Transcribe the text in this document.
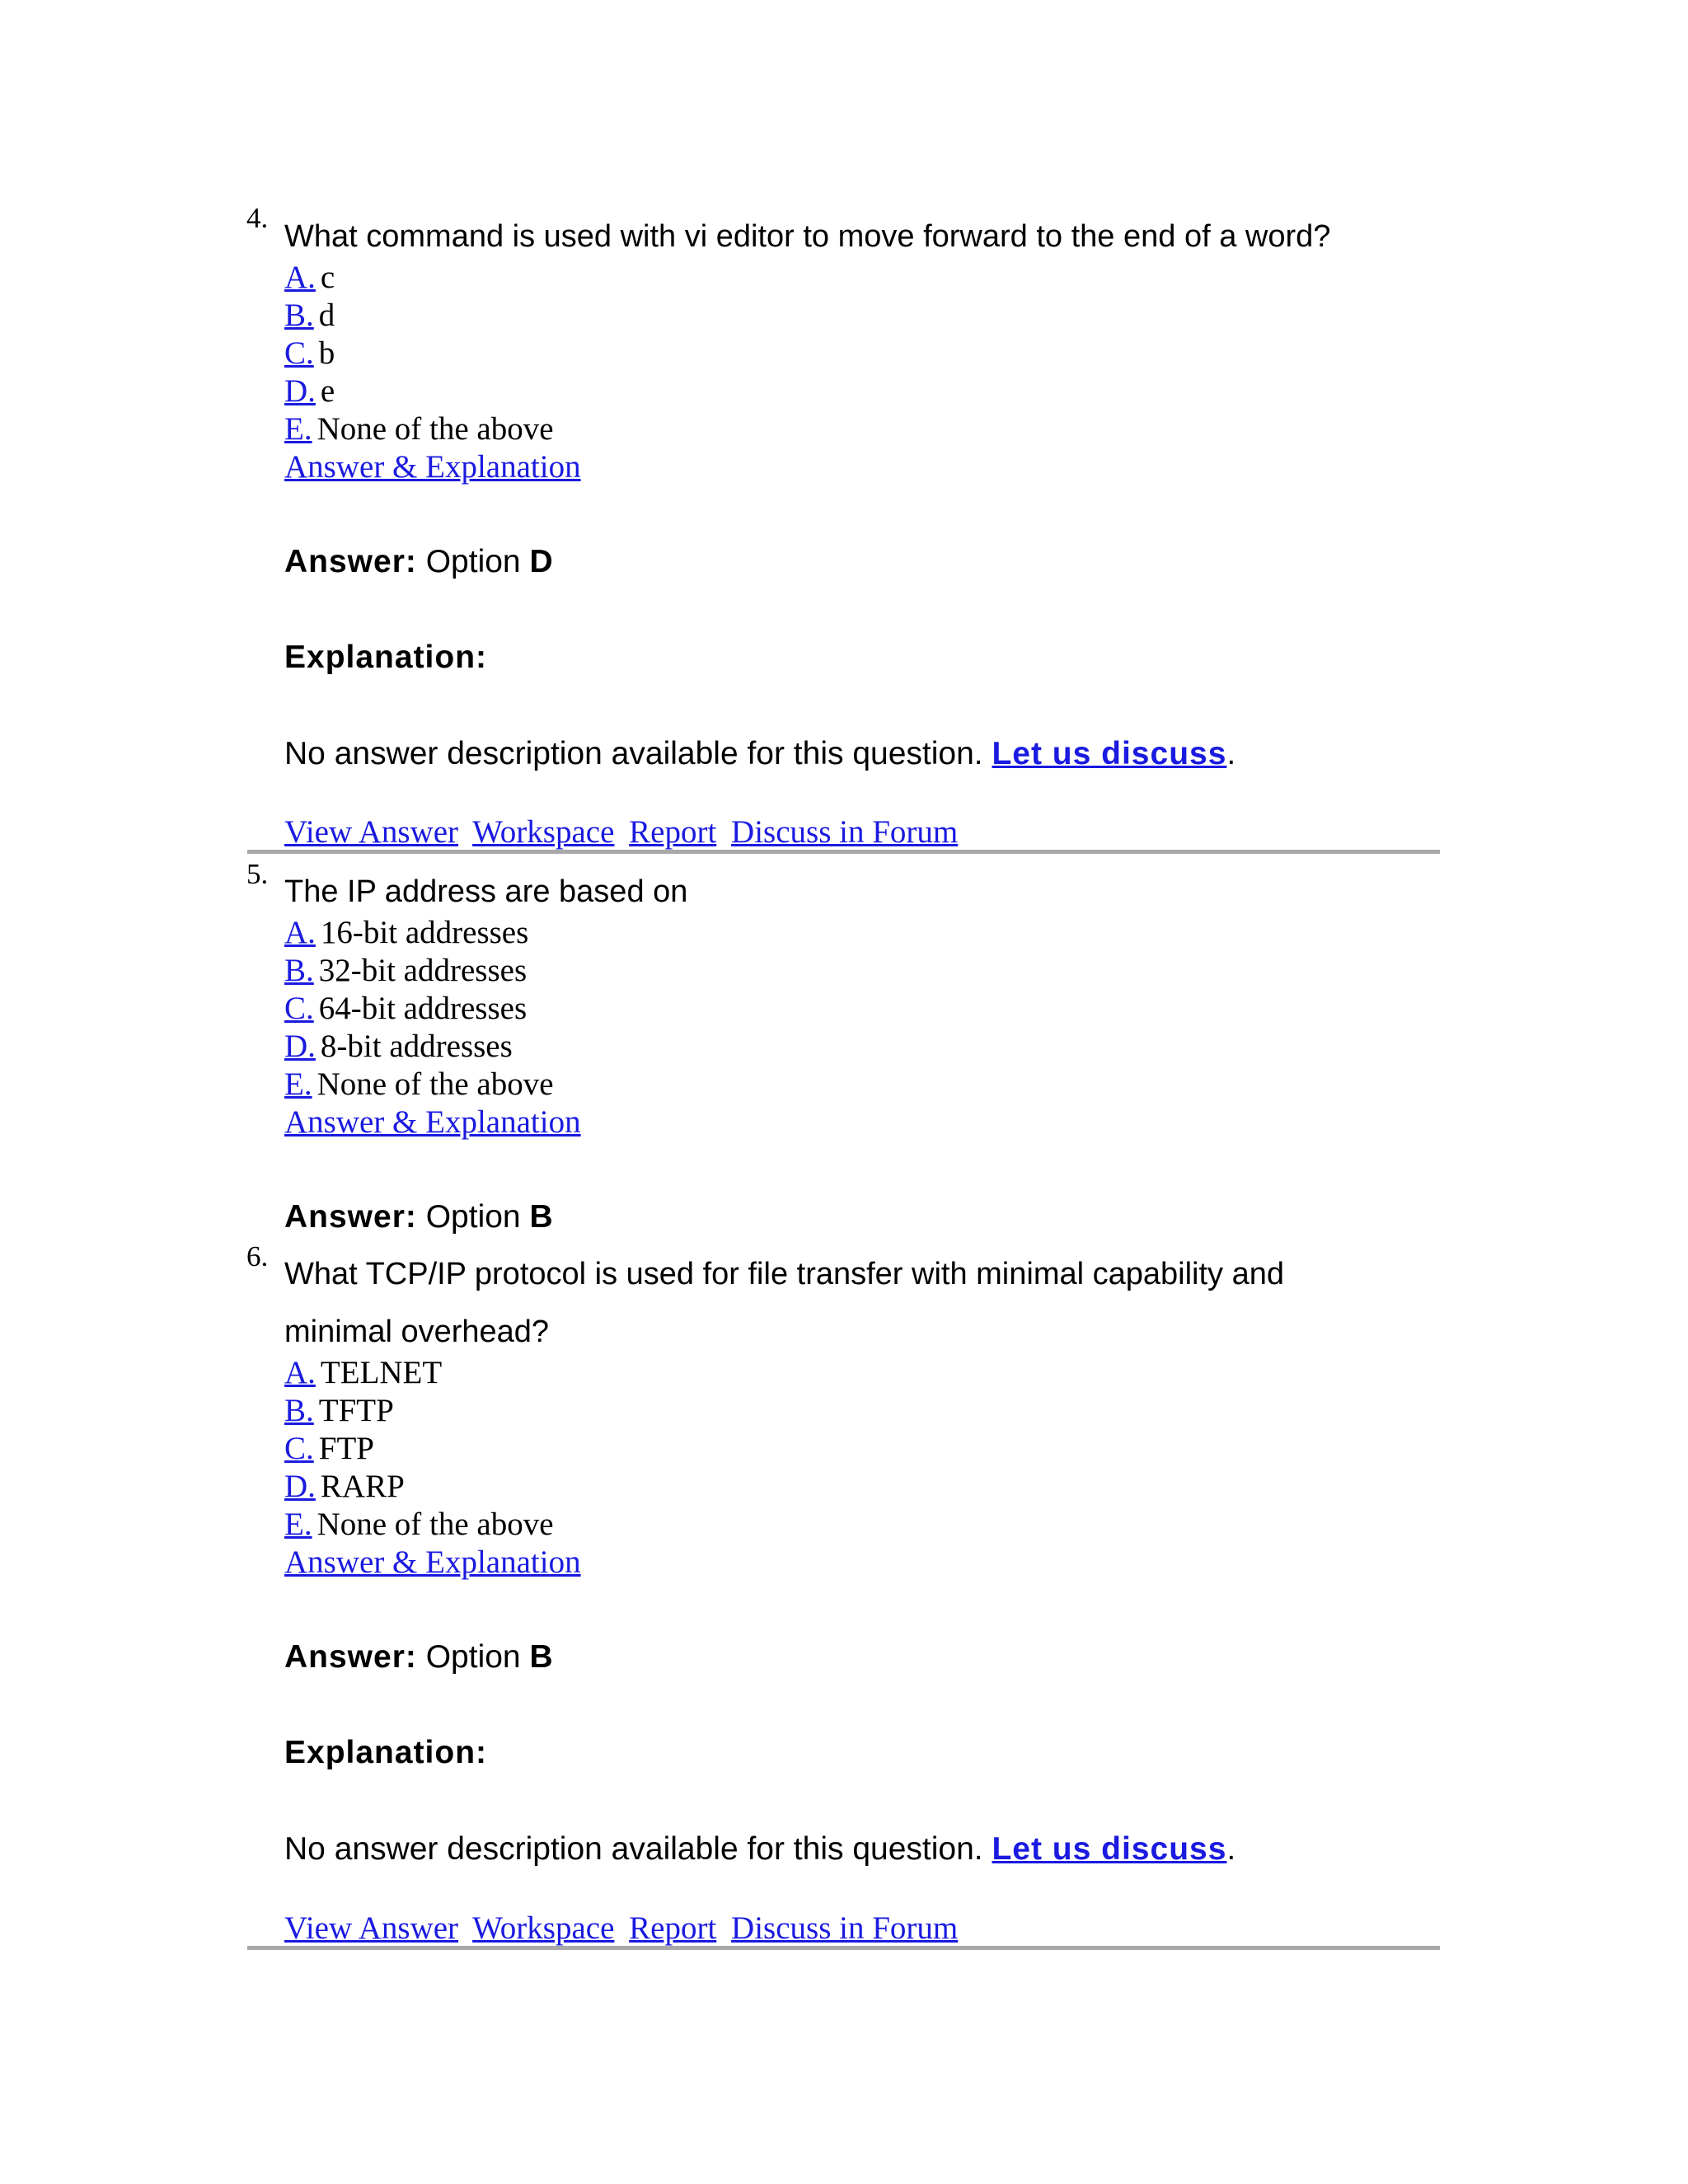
4.
What command is used with vi editor to move forward to the end of a word?
A. c
B. d
C. b
D. e
E. None of the above
Answer & Explanation
Answer: Option D
Explanation:
No answer description available for this question. Let us discuss.
View Answer Workspace Report Discuss in Forum
5.
The IP address are based on
A. 16-bit addresses
B. 32-bit addresses
C. 64-bit addresses
D. 8-bit addresses
E. None of the above
Answer & Explanation
Answer: Option B
6.
What TCP/IP protocol is used for file transfer with minimal capability and
minimal overhead?
A. TELNET
B. TFTP
C. FTP
D. RARP
E. None of the above
Answer & Explanation
Answer: Option B
Explanation:
No answer description available for this question. Let us discuss.
View Answer Workspace Report Discuss in Forum
